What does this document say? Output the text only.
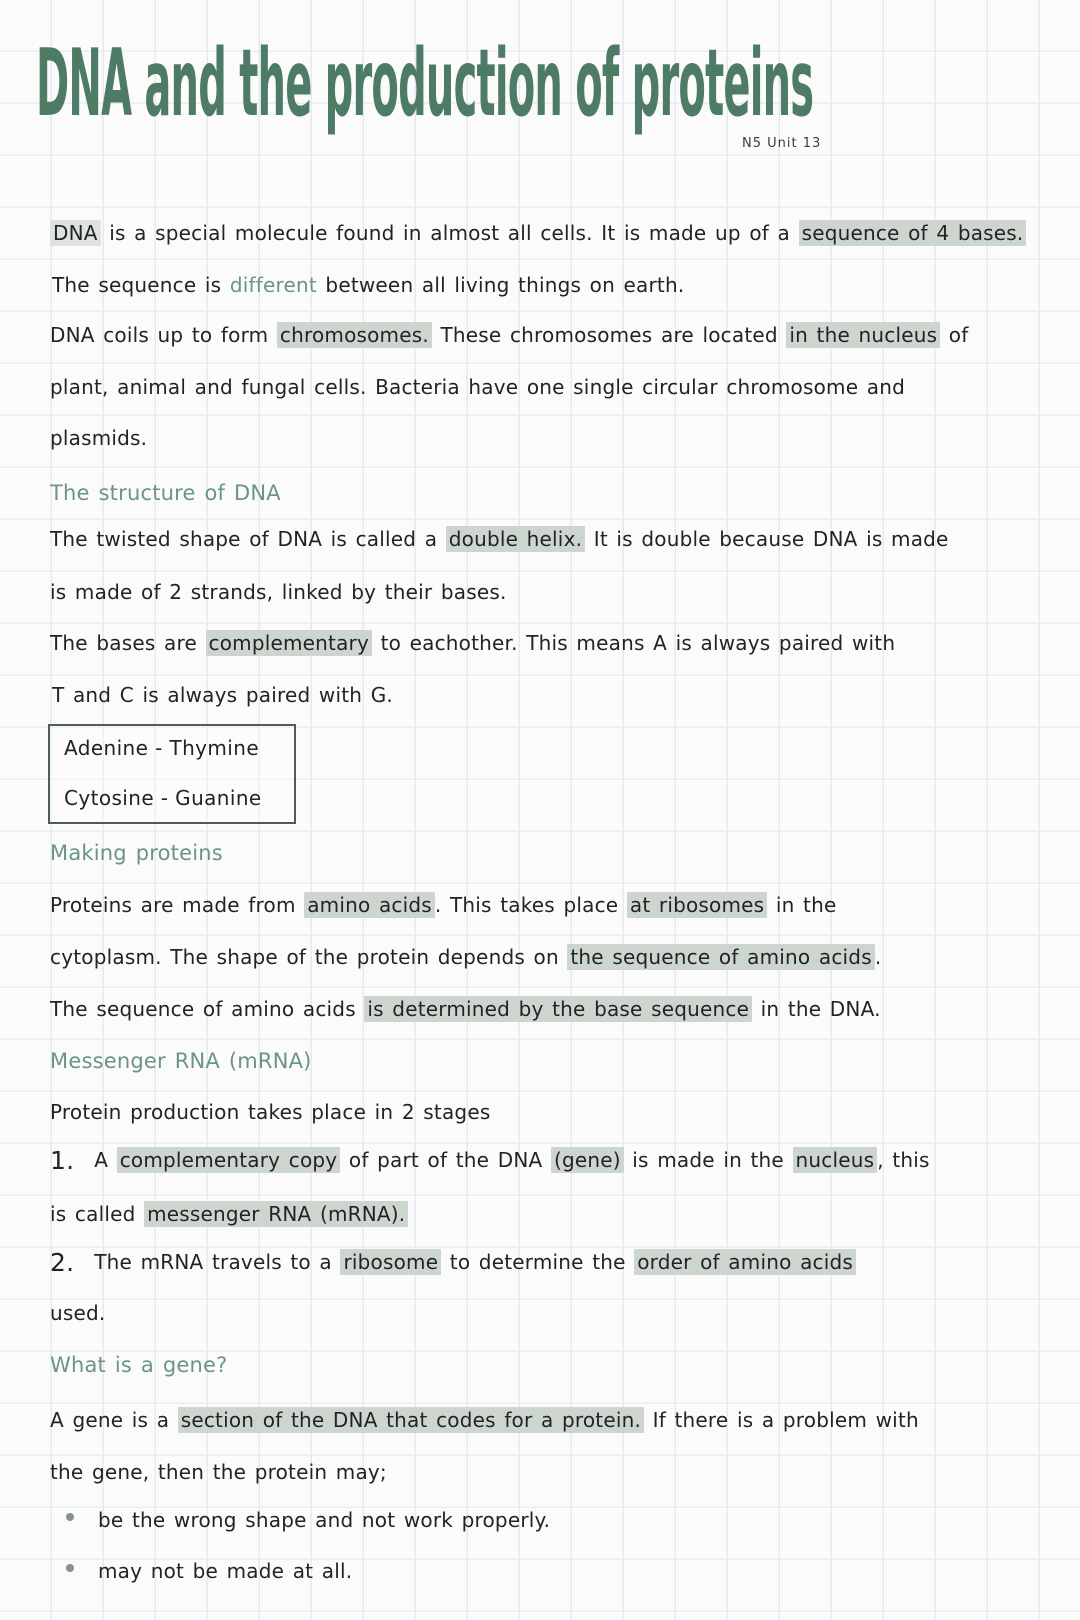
DNA and the production of proteins
N5 Unit 13
DNA is a special molecule found in almost all cells. It is made up of a sequence of 4 bases.
The sequence is different between all living things on earth.
DNA coils up to form chromosomes. These chromosomes are located in the nucleus of
plant, animal and fungal cells. Bacteria have one single circular chromosome and
plasmids.
The structure of DNA
The twisted shape of DNA is called a double helix. It is double because DNA is made
is made of 2 strands, linked by their bases.
The bases are complementary to eachother. This means A is always paired with
T and C is always paired with G.
Making proteins
Proteins are made from amino acids . This takes place at ribosomes in the
cytoplasm. The shape of the protein depends on the sequence of amino acids .
The sequence of amino acids is determined by the base sequence in the DNA.
Messenger RNA (mRNA)
Protein production takes place in 2 stages
1. A complementary copy of part of the DNA (gene) is made in the nucleus , this
is called messenger RNA (mRNA).
2. The mRNA travels to a ribosome to determine the order of amino acids
used.
What is a gene?
A gene is a section of the DNA that codes for a protein. If there is a problem with
the gene, then the protein may;
be the wrong shape and not work properly.
may not be made at all.
Adenine - Thymine
Cytosine - Guanine
